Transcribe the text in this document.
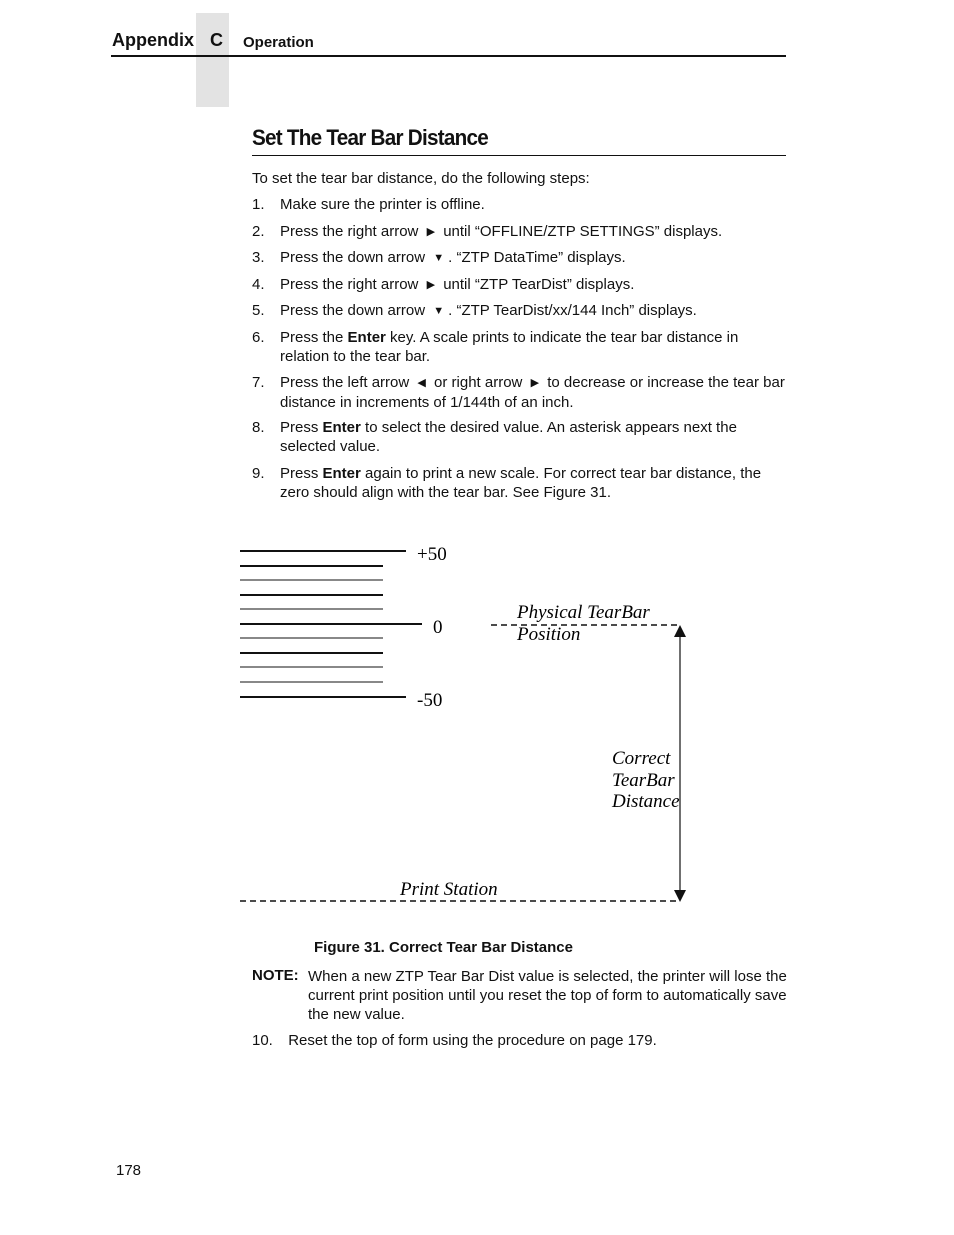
Appendix C Operation
Set The Tear Bar Distance
To set the tear bar distance, do the following steps:
1. Make sure the printer is offline.
2. Press the right arrow ▶ until “OFFLINE/ZTP SETTINGS” displays.
3. Press the down arrow ▼ . “ZTP DataTime” displays.
4. Press the right arrow ▶ until “ZTP TearDist” displays.
5. Press the down arrow ▼ . “ZTP TearDist/xx/144 Inch” displays.
6. Press the Enter key. A scale prints to indicate the tear bar distance in relation to the tear bar.
7. Press the left arrow ◀ or right arrow ▶ to decrease or increase the tear bar distance in increments of 1/144th of an inch.
8. Press Enter to select the desired value. An asterisk appears next the selected value.
9. Press Enter again to print a new scale. For correct tear bar distance, the zero should align with the tear bar. See Figure 31.
+50
0
-50
Physical TearBar
Position
Correct
TearBar
Distance
Print Station
Figure 31. Correct Tear Bar Distance
NOTE: When a new ZTP Tear Bar Dist value is selected, the printer will lose the current print position until you reset the top of form to automatically save the new value.
10. Reset the top of form using the procedure on page 179.
178
